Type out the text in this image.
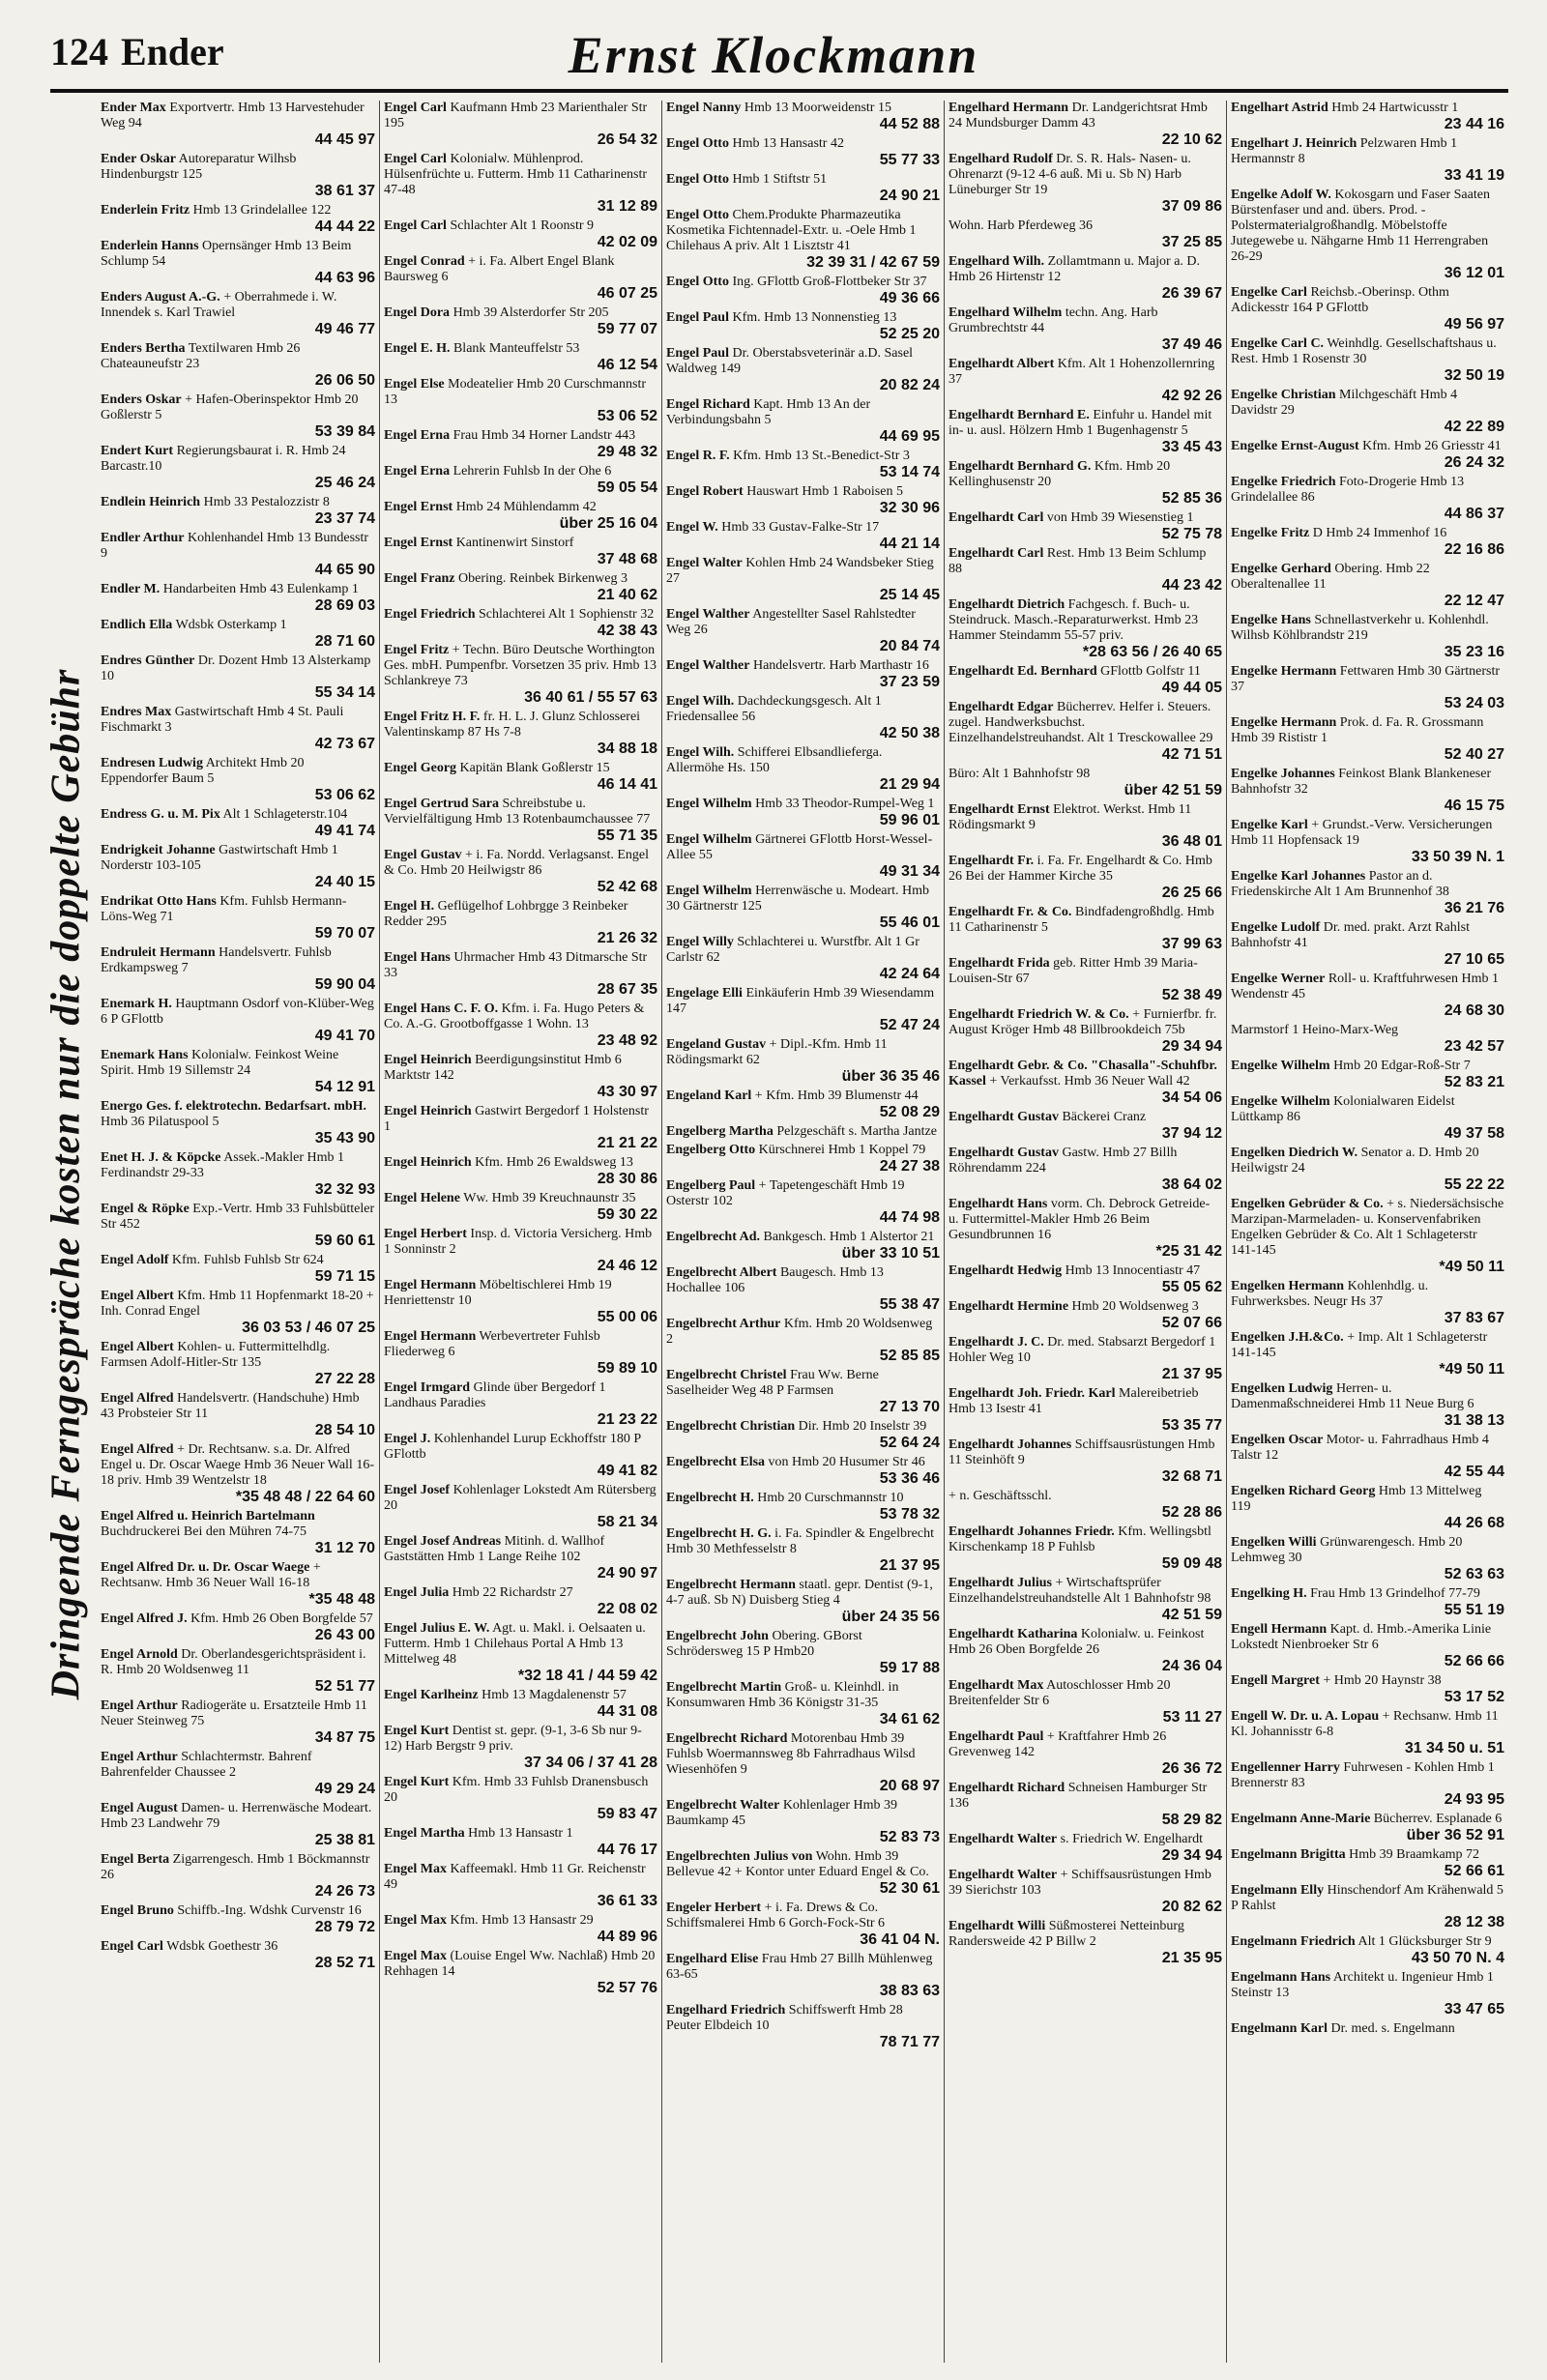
124 Ender	Ernst Klockmann
Dringende Ferngespräche kosten nur die doppelte Gebühr
Ender Max Exportvertr. Hmb 13 Harvestehuder Weg 94
44 45 97
Ender Oskar Autoreparatur Wilhsb Hindenburgstr 125
38 61 37
Enderlein Fritz Hmb 13 Grindelallee 122
44 44 22
Enderlein Hanns Opernsänger Hmb 13 Beim Schlump 54
44 63 96
Enders August A.-G. + Oberrahmede i. W. Innendek s. Karl Trawiel
49 46 77
Enders Bertha Textilwaren Hmb 26 Chateauneufstr 23
26 06 50
Enders Oskar + Hafen-Oberinspektor Hmb 20 Goßlerstr 5
53 39 84
Endert Kurt Regierungsbaurat i. R. Hmb 24 Barcastr.10
25 46 24
Endlein Heinrich Hmb 33 Pestalozzistr 8
23 37 74
Endler Arthur Kohlenhandel Hmb 13 Bundesstr 9
44 65 90
Endler M. Handarbeiten Hmb 43 Eulenkamp 1
28 69 03
Endlich Ella Wdsbk Osterkamp 1
28 71 60
Endres Günther Dr. Dozent Hmb 13 Alsterkamp 10
55 34 14
Endres Max Gastwirtschaft Hmb 4 St. Pauli Fischmarkt 3
42 73 67
Endresen Ludwig Architekt Hmb 20 Eppendorfer Baum 5
53 06 62
Endress G. u. M. Pix Alt 1 Schlageterstr.104
49 41 74
Endrigkeit Johanne Gastwirtschaft Hmb 1 Norderstr 103-105
24 40 15
Endrikat Otto Hans Kfm. Fuhlsb Hermann-Löns-Weg 71
59 70 07
Endruleit Hermann Handelsvertr. Fuhlsb Erdkampsweg 7
59 90 04
Enemark H. Hauptmann Osdorf von-Klüber-Weg 6 P GFlottb
49 41 70
Enemark Hans Kolonialw. Feinkost Weine Spirit. Hmb 19 Sillemstr 24
54 12 91
Energo Ges. f. elektrotechn. Bedarfsart. mbH. Hmb 36 Pilatuspool 5
35 43 90
Enet H. J. & Köpcke Assek.-Makler Hmb 1 Ferdinandstr 29-33
32 32 93
Engel & Röpke Exp.-Vertr. Hmb 33 Fuhlsbütteler Str 452
59 60 61
Engel Adolf Kfm. Fuhlsb Fuhlsb Str 624
59 71 15
Engel Albert Kfm. Hmb 11 Hopfenmarkt 18-20 + Inh. Conrad Engel
36 03 53 / 46 07 25
Engel Albert Kohlen- u. Futtermittelhdlg. Farmsen Adolf-Hitler-Str 135
27 22 28
Engel Alfred Handelsvertr. (Handschuhe) Hmb 43 Probsteier Str 11
28 54 10
Engel Alfred + Dr. Rechtsanw. s.a. Dr. Alfred Engel u. Dr. Oscar Waege Hmb 36 Neuer Wall 16-18 priv. Hmb 39 Wentzelstr 18
*35 48 48 / 22 64 60
Engel Alfred u. Heinrich Bartelmann Buchdruckerei Bei den Mühren 74-75
31 12 70
Engel Alfred Dr. u. Dr. Oscar Waege + Rechtsanw. Hmb 36 Neuer Wall 16-18
*35 48 48
Engel Alfred J. Kfm. Hmb 26 Oben Borgfelde 57
26 43 00
Engel Arnold Dr. Oberlandesgerichtspräsident i. R. Hmb 20 Woldsenweg 11
52 51 77
Engel Arthur Radiogeräte u. Ersatzteile Hmb 11 Neuer Steinweg 75
34 87 75
Engel Arthur Schlachtermstr. Bahrenf Bahrenfelder Chaussee 2
49 29 24
Engel August Damen- u. Herrenwäsche Modeart. Hmb 23 Landwehr 79
25 38 81
Engel Berta Zigarrengesch. Hmb 1 Böckmannstr 26
24 26 73
Engel Bruno Schiffb.-Ing. Wdshk Curvenstr 16
28 79 72
Engel Carl Wdsbk Goethestr 36
28 52 71
Engel Carl Kaufmann Hmb 23 Marienthaler Str 195
26 54 32
Engel Carl Kolonialw. Mühlenprod. Hülsenfrüchte u. Futterm. Hmb 11 Catharinenstr 47-48
31 12 89
Engel Carl Schlachter Alt 1 Roonstr 9
42 02 09
Engel Conrad + i. Fa. Albert Engel Blank Baursweg 6
46 07 25
Engel Dora Hmb 39 Alsterdorfer Str 205
59 77 07
Engel E. H. Blank Manteuffelstr 53
46 12 54
Engel Else Modeatelier Hmb 20 Curschmannstr 13
53 06 52
Engel Erna Frau Hmb 34 Horner Landstr 443
29 48 32
Engel Erna Lehrerin Fuhlsb In der Ohe 6
59 05 54
Engel Ernst Hmb 24 Mühlendamm 42
über 25 16 04
Engel Ernst Kantinenwirt Sinstorf
37 48 68
Engel Franz Obering. Reinbek Birkenweg 3
21 40 62
Engel Friedrich Schlachterei Alt 1 Sophienstr 32
42 38 43
Engel Fritz + Techn. Büro Deutsche Worthington Ges. mbH. Pumpenfbr. Vorsetzen 35 priv. Hmb 13 Schlankreye 73
36 40 61 / 55 57 63
Engel Fritz H. F. fr. H. L. J. Glunz Schlosserei Valentinskamp 87 Hs 7-8
34 88 18
Engel Georg Kapitän Blank Goßlerstr 15
46 14 41
Engel Gertrud Sara Schreibstube u. Vervielfältigung Hmb 13 Rotenbaumchaussee 77
55 71 35
Engel Gustav + i. Fa. Nordd. Verlagsanst. Engel & Co. Hmb 20 Heilwigstr 86
52 42 68
Engel H. Geflügelhof Lohbrgge 3 Reinbeker Redder 295
21 26 32
Engel Hans Uhrmacher Hmb 43 Ditmarsche Str 33
28 67 35
Engel Hans C. F. O. Kfm. i. Fa. Hugo Peters & Co. A.-G. Grootboffgasse 1 Wohn. 13
23 48 92
Engel Heinrich Beerdigungsinstitut Hmb 6 Marktstr 142
43 30 97
Engel Heinrich Gastwirt Bergedorf 1 Holstenstr 1
21 21 22
Engel Heinrich Kfm. Hmb 26 Ewaldsweg 13
28 30 86
Engel Helene Ww. Hmb 39 Kreuchnaunstr 35
59 30 22
Engel Herbert Insp. d. Victoria Versicherg. Hmb 1 Sonninstr 2
24 46 12
Engel Hermann Möbeltischlerei Hmb 19 Henriettenstr 10
55 00 06
Engel Hermann Werbevertreter Fuhlsb Fliederweg 6
59 89 10
Engel Irmgard Glinde über Bergedorf 1 Landhaus Paradies
21 23 22
Engel J. Kohlenhandel Lurup Eckhoffstr 180 P GFlottb
49 41 82
Engel Josef Kohlenlager Lokstedt Am Rütersberg 20
58 21 34
Engel Josef Andreas Mitinh. d. Wallhof Gaststätten Hmb 1 Lange Reihe 102
24 90 97
Engel Julia Hmb 22 Richardstr 27
22 08 02
Engel Julius E. W. Agt. u. Makl. i. Oelsaaten u. Futterm. Hmb 1 Chilehaus Portal A Hmb 13 Mittelweg 48
*32 18 41 / 44 59 42
Engel Karlheinz Hmb 13 Magdalenenstr 57
44 31 08
Engel Kurt Dentist st. gepr. (9-1, 3-6 Sb nur 9-12) Harb Bergstr 9 priv.
37 34 06 / 37 41 28
Engel Kurt Kfm. Hmb 33 Fuhlsb Dranensbusch 20
59 83 47
Engel Martha Hmb 13 Hansastr 1
44 76 17
Engel Max Kaffeemakl. Hmb 11 Gr. Reichenstr 49
36 61 33
Engel Max Kfm. Hmb 13 Hansastr 29
44 89 96
Engel Max (Louise Engel Ww. Nachlaß) Hmb 20 Rehhagen 14
52 57 76
Engel Nanny Hmb 13 Moorweidenstr 15
44 52 88
Engel Otto Hmb 13 Hansastr 42
55 77 33
Engel Otto Hmb 1 Stiftstr 51
24 90 21
Engel Otto Chem.Produkte Pharmazeutika Kosmetika Fichtennadel-Extr. u. -Oele Hmb 1 Chilehaus A priv. Alt 1 Lisztstr 41
32 39 31 / 42 67 59
Engel Otto Ing. GFlottb Groß-Flottbeker Str 37
49 36 66
Engel Paul Kfm. Hmb 13 Nonnenstieg 13
52 25 20
Engel Paul Dr. Oberstabsveterinär a.D. Sasel Waldweg 149
20 82 24
Engel Richard Kapt. Hmb 13 An der Verbindungsbahn 5
44 69 95
Engel R. F. Kfm. Hmb 13 St.-Benedict-Str 3
53 14 74
Engel Robert Hauswart Hmb 1 Raboisen 5
32 30 96
Engel W. Hmb 33 Gustav-Falke-Str 17
44 21 14
Engel Walter Kohlen Hmb 24 Wandsbeker Stieg 27
25 14 45
Engel Walther Angestellter Sasel Rahlstedter Weg 26
20 84 74
Engel Walther Handelsvertr. Harb Marthastr 16
37 23 59
Engel Wilh. Dachdeckungsgesch. Alt 1 Friedensallee 56
42 50 38
Engel Wilh. Schifferei Elbsandlieferga. Allermöhe Hs. 150
21 29 94
Engel Wilhelm Hmb 33 Theodor-Rumpel-Weg 1
59 96 01
Engel Wilhelm Gärtnerei GFlottb Horst-Wessel-Allee 55
49 31 34
Engel Wilhelm Herrenwäsche u. Modeart. Hmb 30 Gärtnerstr 125
55 46 01
Engel Willy Schlachterei u. Wurstfbr. Alt 1 Gr Carlstr 62
42 24 64
Engelage Elli Einkäuferin Hmb 39 Wiesendamm 147
52 47 24
Engeland Gustav + Dipl.-Kfm. Hmb 11 Rödingsmarkt 62
über 36 35 46
Engeland Karl + Kfm. Hmb 39 Blumenstr 44
52 08 29
Engelberg Martha Pelzgeschäft s. Martha Jantze
Engelberg Otto Kürschnerei Hmb 1 Koppel 79
24 27 38
Engelberg Paul + Tapetengeschäft Hmb 19 Osterstr 102
44 74 98
Engelbrecht Ad. Bankgesch. Hmb 1 Alstertor 21
über 33 10 51
Engelbrecht Albert Baugesch. Hmb 13 Hochallee 106
55 38 47
Engelbrecht Arthur Kfm. Hmb 20 Woldsenweg 2
52 85 85
Engelbrecht Christel Frau Ww. Berne Saselheider Weg 48 P Farmsen
27 13 70
Engelbrecht Christian Dir. Hmb 20 Inselstr 39
52 64 24
Engelbrecht Elsa von Hmb 20 Husumer Str 46
53 36 46
Engelbrecht H. Hmb 20 Curschmannstr 10
53 78 32
Engelbrecht H. G. i. Fa. Spindler & Engelbrecht Hmb 30 Methfesselstr 8
21 37 95
Engelbrecht Hermann staatl. gepr. Dentist (9-1, 4-7 auß. Sb N) Duisberg Stieg 4
über 24 35 56
Engelbrecht John Obering. GBorst Schrödersweg 15 P Hmb20
59 17 88
Engelbrecht Martin Groß- u. Kleinhdl. in Konsumwaren Hmb 36 Königstr 31-35
34 61 62
Engelbrecht Richard Motorenbau Hmb 39 Fuhlsb Woermannsweg 8b Fahrradhaus Wilsd Wiesenhöfen 9
20 68 97
Engelbrecht Walter Kohlenlager Hmb 39 Baumkamp 45
52 83 73
Engelbrechten Julius von Wohn. Hmb 39 Bellevue 42 + Kontor unter Eduard Engel & Co.
52 30 61
Engeler Herbert + i. Fa. Drews & Co. Schiffsmalerei Hmb 6 Gorch-Fock-Str 6
36 41 04 N.
Engelhard Elise Frau Hmb 27 Billh Mühlenweg 63-65
38 83 63
Engelhard Friedrich Schiffswerft Hmb 28 Peuter Elbdeich 10
78 71 77
Engelhard Hermann Dr. Landgerichtsrat Hmb 24 Mundsburger Damm 43
22 10 62
Engelhard Rudolf Dr. S. R. Hals- Nasen- u. Ohrenarzt (9-12 4-6 auß. Mi u. Sb N) Harb Lüneburger Str 19
37 09 86
Wohn. Harb Pferdeweg 36
37 25 85
Engelhard Wilh. Zollamtmann u. Major a. D. Hmb 26 Hirtenstr 12
26 39 67
Engelhard Wilhelm techn. Ang. Harb Grumbrechtstr 44
37 49 46
Engelhardt Albert Kfm. Alt 1 Hohenzollernring 37
42 92 26
Engelhardt Bernhard E. Einfuhr u. Handel mit in- u. ausl. Hölzern Hmb 1 Bugenhagenstr 5
33 45 43
Engelhardt Bernhard G. Kfm. Hmb 20 Kellinghusenstr 20
52 85 36
Engelhardt Carl von Hmb 39 Wiesenstieg 1
52 75 78
Engelhardt Carl Rest. Hmb 13 Beim Schlump 88
44 23 42
Engelhardt Dietrich Fachgesch. f. Buch- u. Steindruck. Masch.-Reparaturwerkst. Hmb 23 Hammer Steindamm 55-57 priv.
*28 63 56 / 26 40 65
Engelhardt Ed. Bernhard GFlottb Golfstr 11
49 44 05
Engelhardt Edgar Bücherrev. Helfer i. Steuers. zugel. Handwerksbuchst. Einzelhandelstreuhandst. Alt 1 Tresckowallee 29
42 71 51
Büro: Alt 1 Bahnhofstr 98
über 42 51 59
Engelhardt Ernst Elektrot. Werkst. Hmb 11 Rödingsmarkt 9
36 48 01
Engelhardt Fr. i. Fa. Fr. Engelhardt & Co. Hmb 26 Bei der Hammer Kirche 35
26 25 66
Engelhardt Fr. & Co. Bindfadengroßhdlg. Hmb 11 Catharinenstr 5
37 99 63
Engelhardt Frida geb. Ritter Hmb 39 Maria-Louisen-Str 67
52 38 49
Engelhardt Friedrich W. & Co. + Furnierfbr. fr. August Kröger Hmb 48 Billbrookdeich 75b
29 34 94
Engelhardt Gebr. & Co. "Chasalla"-Schuhfbr. Kassel + Verkaufsst. Hmb 36 Neuer Wall 42
34 54 06
Engelhardt Gustav Bäckerei Cranz
37 94 12
Engelhardt Gustav Gastw. Hmb 27 Billh Röhrendamm 224
38 64 02
Engelhardt Hans vorm. Ch. Debrock Getreide- u. Futtermittel-Makler Hmb 26 Beim Gesundbrunnen 16
*25 31 42
Engelhardt Hedwig Hmb 13 Innocentiastr 47
55 05 62
Engelhardt Hermine Hmb 20 Woldsenweg 3
52 07 66
Engelhardt J. C. Dr. med. Stabsarzt Bergedorf 1 Hohler Weg 10
21 37 95
Engelhardt Joh. Friedr. Karl Malereibetrieb Hmb 13 Isestr 41
53 35 77
Engelhardt Johannes Schiffsausrüstungen Hmb 11 Steinhöft 9
32 68 71
+ n. Geschäftsschl.
52 28 86
Engelhardt Johannes Friedr. Kfm. Wellingsbtl Kirschenkamp 18 P Fuhlsb
59 09 48
Engelhardt Julius + Wirtschaftsprüfer Einzelhandelstreuhandstelle Alt 1 Bahnhofstr 98
42 51 59
Engelhardt Katharina Kolonialw. u. Feinkost Hmb 26 Oben Borgfelde 26
24 36 04
Engelhardt Max Autoschlosser Hmb 20 Breitenfelder Str 6
53 11 27
Engelhardt Paul + Kraftfahrer Hmb 26 Grevenweg 142
26 36 72
Engelhardt Richard Schneisen Hamburger Str 136
58 29 82
Engelhardt Walter s. Friedrich W. Engelhardt
29 34 94
Engelhardt Walter + Schiffsausrüstungen Hmb 39 Sierichstr 103
20 82 62
Engelhardt Willi Süßmosterei Netteinburg Randersweide 42 P Billw 2
21 35 95
Engelhart Astrid Hmb 24 Hartwicusstr 1
23 44 16
Engelhart J. Heinrich Pelzwaren Hmb 1 Hermannstr 8
33 41 19
Engelke Adolf W. Kokosgarn und Faser Saaten Bürstenfaser und and. übers. Prod. - Polstermaterialgroßhandlg. Möbelstoffe Jutegewebe u. Nähgarne Hmb 11 Herrengraben 26-29
36 12 01
Engelke Carl Reichsb.-Oberinsp. Othm Adickesstr 164 P GFlottb
49 56 97
Engelke Carl C. Weinhdlg. Gesellschaftshaus u. Rest. Hmb 1 Rosenstr 30
32 50 19
Engelke Christian Milchgeschäft Hmb 4 Davidstr 29
42 22 89
Engelke Ernst-August Kfm. Hmb 26 Griesstr 41
26 24 32
Engelke Friedrich Foto-Drogerie Hmb 13 Grindelallee 86
44 86 37
Engelke Fritz D Hmb 24 Immenhof 16
22 16 86
Engelke Gerhard Obering. Hmb 22 Oberaltenallee 11
22 12 47
Engelke Hans Schnellastverkehr u. Kohlenhdl. Wilhsb Köhlbrandstr 219
35 23 16
Engelke Hermann Fettwaren Hmb 30 Gärtnerstr 37
53 24 03
Engelke Hermann Prok. d. Fa. R. Grossmann Hmb 39 Rististr 1
52 40 27
Engelke Johannes Feinkost Blank Blankeneser Bahnhofstr 32
46 15 75
Engelke Karl + Grundst.-Verw. Versicherungen Hmb 11 Hopfensack 19
33 50 39 N. 1
Engelke Karl Johannes Pastor an d. Friedenskirche Alt 1 Am Brunnenhof 38
36 21 76
Engelke Ludolf Dr. med. prakt. Arzt Rahlst Bahnhofstr 41
27 10 65
Engelke Werner Roll- u. Kraftfuhrwesen Hmb 1 Wendenstr 45
24 68 30
Marmstorf 1 Heino-Marx-Weg
23 42 57
Engelke Wilhelm Hmb 20 Edgar-Roß-Str 7
52 83 21
Engelke Wilhelm Kolonialwaren Eidelst Lüttkamp 86
49 37 58
Engelken Diedrich W. Senator a. D. Hmb 20 Heilwigstr 24
55 22 22
Engelken Gebrüder & Co. + s. Niedersächsische Marzipan-Marmeladen- u. Konservenfabriken Engelken Gebrüder & Co. Alt 1 Schlageterstr 141-145
*49 50 11
Engelken Hermann Kohlenhdlg. u. Fuhrwerksbes. Neugr Hs 37
37 83 67
Engelken J.H.&Co. + Imp. Alt 1 Schlageterstr 141-145
*49 50 11
Engelken Ludwig Herren- u. Damenmaßschneiderei Hmb 11 Neue Burg 6
31 38 13
Engelken Oscar Motor- u. Fahrradhaus Hmb 4 Talstr 12
42 55 44
Engelken Richard Georg Hmb 13 Mittelweg 119
44 26 68
Engelken Willi Grünwarengesch. Hmb 20 Lehmweg 30
52 63 63
Engelking H. Frau Hmb 13 Grindelhof 77-79
55 51 19
Engell Hermann Kapt. d. Hmb.-Amerika Linie Lokstedt Nienbroeker Str 6
52 66 66
Engell Margret + Hmb 20 Haynstr 38
53 17 52
Engell W. Dr. u. A. Lopau + Rechsanw. Hmb 11 Kl. Johannisstr 6-8
31 34 50 u. 51
Engellenner Harry Fuhrwesen - Kohlen Hmb 1 Brennerstr 83
24 93 95
Engelmann Anne-Marie Bücherrev. Esplanade 6
über 36 52 91
Engelmann Brigitta Hmb 39 Braamkamp 72
52 66 61
Engelmann Elly Hinschendorf Am Krähenwald 5 P Rahlst
28 12 38
Engelmann Friedrich Alt 1 Glücksburger Str 9
43 50 70 N. 4
Engelmann Hans Architekt u. Ingenieur Hmb 1 Steinstr 13
33 47 65
Engelmann Karl Dr. med. s. Engelmann
